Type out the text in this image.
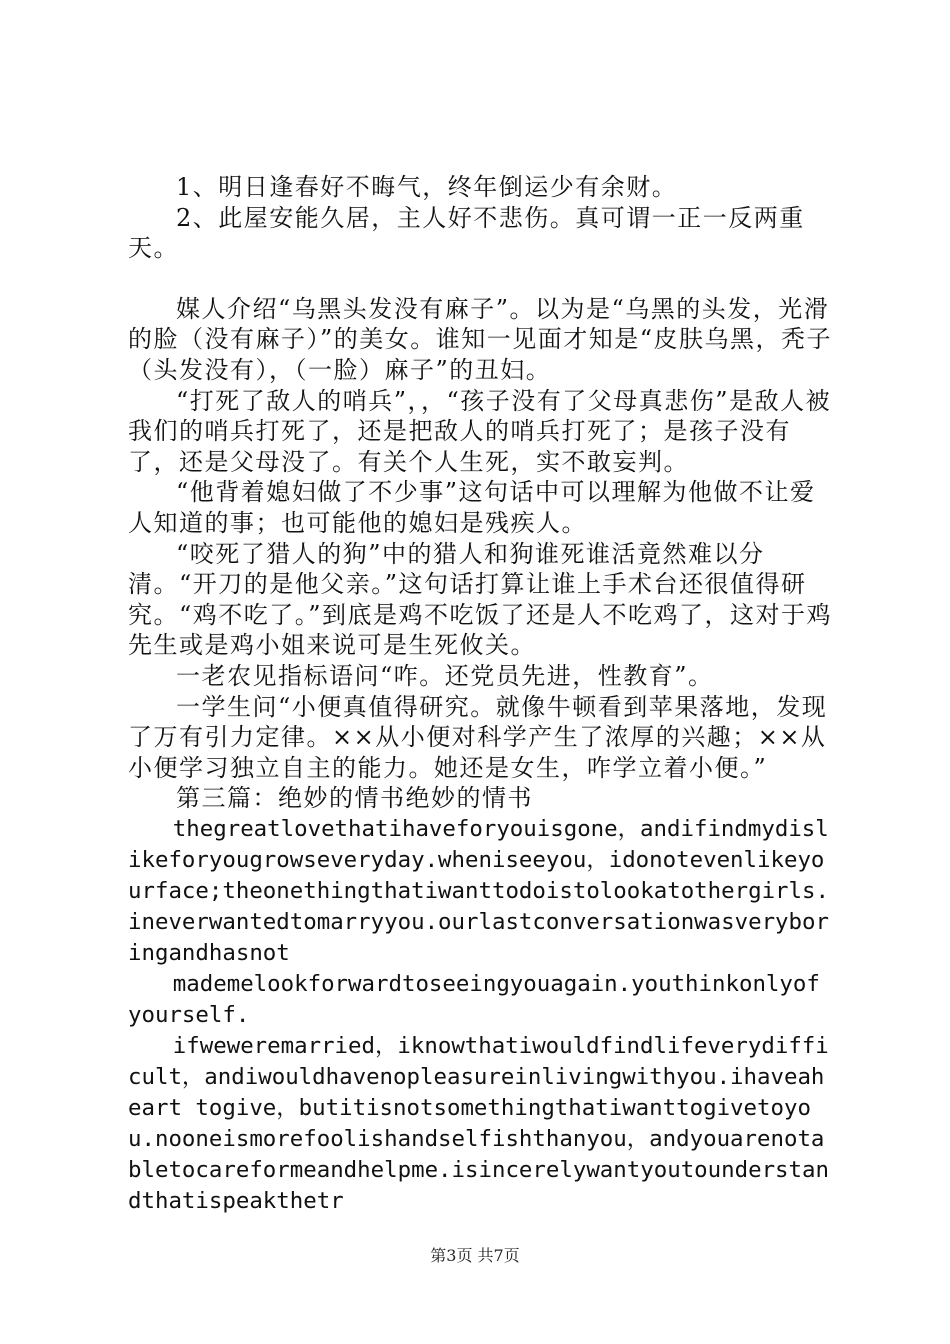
1、明日逢春好不晦气，终年倒运少有余财。

2、此屋安能久居，主人好不悲伤。真可谓一正一反两重天。

媒人介绍“乌黑头发没有麻子”。以为是“乌黑的头发，光滑的脸（没有麻子）”的美女。谁知一见面才知是“皮肤乌黑，秃子（头发没有），（一脸）麻子”的丑妇。

“打死了敌人的哨兵”，，“孩子没有了父母真悲伤”是敌人被我们的哨兵打死了，还是把敌人的哨兵打死了；是孩子没有了，还是父母没了。有关个人生死，实不敢妄判。

“他背着媳妇做了不少事”这句话中可以理解为他做不让爱人知道的事；也可能他的媳妇是残疾人。

“咬死了猎人的狗”中的猎人和狗谁死谁活竟然难以分清。“开刀的是他父亲。”这句话打算让谁上手术台还很值得研究。“鸡不吃了。”到底是鸡不吃饭了还是人不吃鸡了，这对于鸡先生或是鸡小姐来说可是生死攸关。

一老农见指标语问“咋。还党员先进，性教育”。

一学生问“小便真值得研究。就像牛顿看到苹果落地，发现了万有引力定律。××从小便对科学产生了浓厚的兴趣；××从小便学习独立自主的能力。她还是女生，咋学立着小便。”

第三篇：绝妙的情书绝妙的情书

thegreatlovethatihaveforyouisgone，andifindmydislikeforyougrowseveryday.wheniseeyou，idonotevenlikeyourface;theonethingthatiwanttodoistolookatothergirls.ineverwantedtomarryyou.ourlastconversationwasveryboringandhasnot

mademelookforwardtoseeingyouagain.youthinkonlyofyourself.

ifweweremarried，iknowthatiwouldfindlifeverydifficult，andiwouldhavenopleasureinlivingwithyou.ihaveaheart togive，butitisnotsomethingthatiwanttogivetoyou.nooneismorefoolishandselfishthanyou，andyouarenotabletocareformeandhelpme.isincerelywantyoutounderstandthatispeakthetr

第3页 共7页
